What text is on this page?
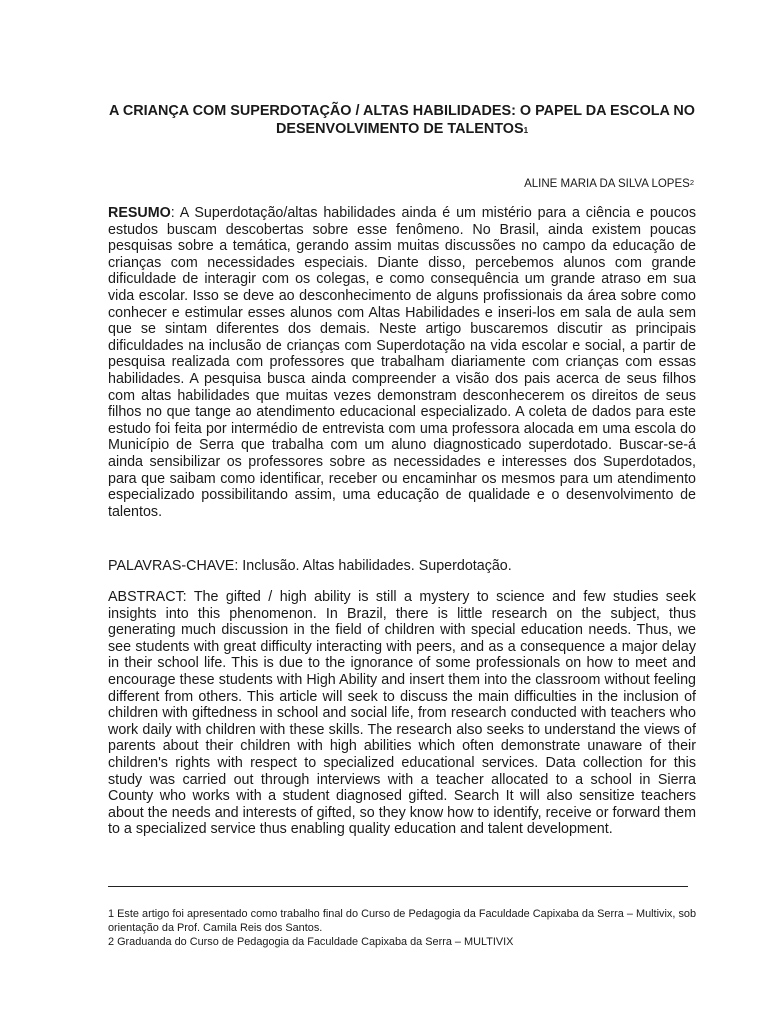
A CRIANÇA COM SUPERDOTAÇÃO / ALTAS HABILIDADES: O PAPEL DA ESCOLA NO DESENVOLVIMENTO DE TALENTOS$^1$
ALINE MARIA DA SILVA LOPES$^2$

RESUMO: A Superdotação/altas habilidades ainda é um mistério para a ciência e poucos estudos buscam descobertas sobre esse fenômeno. No Brasil, ainda existem poucas pesquisas sobre a temática, gerando assim muitas discussões no campo da educação de crianças com necessidades especiais. Diante disso, percebemos alunos com grande dificuldade de interagir com os colegas, e como consequência um grande atraso em sua vida escolar. Isso se deve ao desconhecimento de alguns profissionais da área sobre como conhecer e estimular esses alunos com Altas Habilidades e inseri-los em sala de aula sem que se sintam diferentes dos demais. Neste artigo buscaremos discutir as principais dificuldades na inclusão de crianças com Superdotação na vida escolar e social, a partir de pesquisa realizada com professores que trabalham diariamente com crianças com essas habilidades. A pesquisa busca ainda compreender a visão dos pais acerca de seus filhos com altas habilidades que muitas vezes demonstram desconhecerem os direitos de seus filhos no que tange ao atendimento educacional especializado. A coleta de dados para este estudo foi feita por intermédio de entrevista com uma professora alocada em uma escola do Município de Serra que trabalha com um aluno diagnosticado superdotado. Buscar-se-á ainda sensibilizar os professores sobre as necessidades e interesses dos Superdotados, para que saibam como identificar, receber ou encaminhar os mesmos para um atendimento especializado possibilitando assim, uma educação de qualidade e o desenvolvimento de talentos.

PALAVRAS-CHAVE: Inclusão. Altas habilidades. Superdotação.

ABSTRACT: The gifted / high ability is still a mystery to science and few studies seek insights into this phenomenon. In Brazil, there is little research on the subject, thus generating much discussion in the field of children with special education needs. Thus, we see students with great difficulty interacting with peers, and as a consequence a major delay in their school life. This is due to the ignorance of some professionals on how to meet and encourage these students with High Ability and insert them into the classroom without feeling different from others. This article will seek to discuss the main difficulties in the inclusion of children with giftedness in school and social life, from research conducted with teachers who work daily with children with these skills. The research also seeks to understand the views of parents about their children with high abilities which often demonstrate unaware of their children's rights with respect to specialized educational services. Data collection for this study was carried out through interviews with a teacher allocated to a school in Sierra County who works with a student diagnosed gifted. Search It will also sensitize teachers about the needs and interests of gifted, so they know how to identify, receive or forward them to a specialized service thus enabling quality education and talent development.

1 Este artigo foi apresentado como trabalho final do Curso de Pedagogia da Faculdade Capixaba da Serra – Multivix, sob orientação da Prof. Camila Reis dos Santos.

2 Graduanda do Curso de Pedagogia da Faculdade Capixaba da Serra – MULTIVIX
